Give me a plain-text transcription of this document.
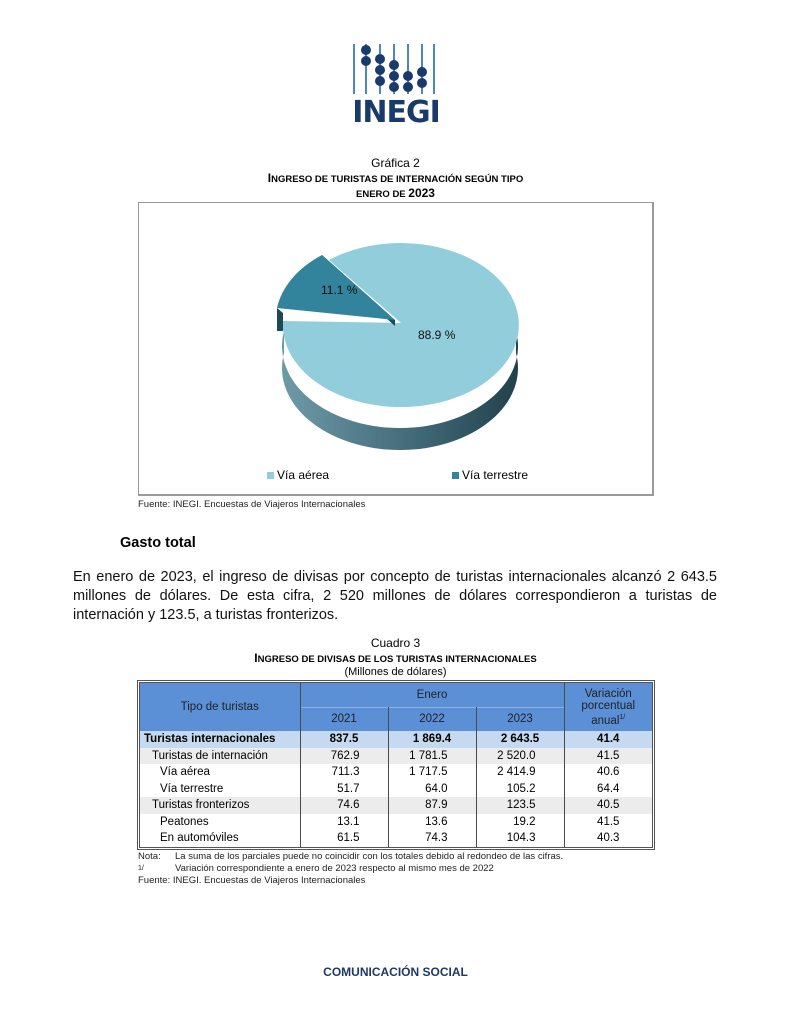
INEGI
Gráfica 2
INGRESO DE TURISTAS DE INTERNACIÓN SEGÚN TIPO
ENERO DE 2023
11.1 %
88.9 %
Vía aérea	Vía terrestre
Fuente: INEGI. Encuestas de Viajeros Internacionales
Gasto total
En enero de 2023, el ingreso de divisas por concepto de turistas internacionales alcanzó 2 643.5 millones de dólares. De esta cifra, 2 520 millones de dólares correspondieron a turistas de internación y 123.5, a turistas fronterizos.
Cuadro 3
INGRESO DE DIVISAS DE LOS TURISTAS INTERNACIONALES
(Millones de dólares)
Tipo de turistas	Enero			Variación
porcentual
anual$^{1/}$
	2021	2022	2023	
Turistas internacionales	837.5	1 869.4	2 643.5	41.4
Turistas de internación	762.9	1 781.5	2 520.0	41.5
Vía aérea	711.3	1 717.5	2 414.9	40.6
Vía terrestre	51.7	64.0	105.2	64.4
Turistas fronterizos	74.6	87.9	123.5	40.5
Peatones	13.1	13.6	19.2	41.5
En automóviles	61.5	74.3	104.3	40.3
Nota:	La suma de los parciales puede no coincidir con los totales debido al redondeo de las cifras.
1/	Variación correspondiente a enero de 2023 respecto al mismo mes de 2022
Fuente: INEGI. Encuestas de Viajeros Internacionales
COMUNICACIÓN SOCIAL
